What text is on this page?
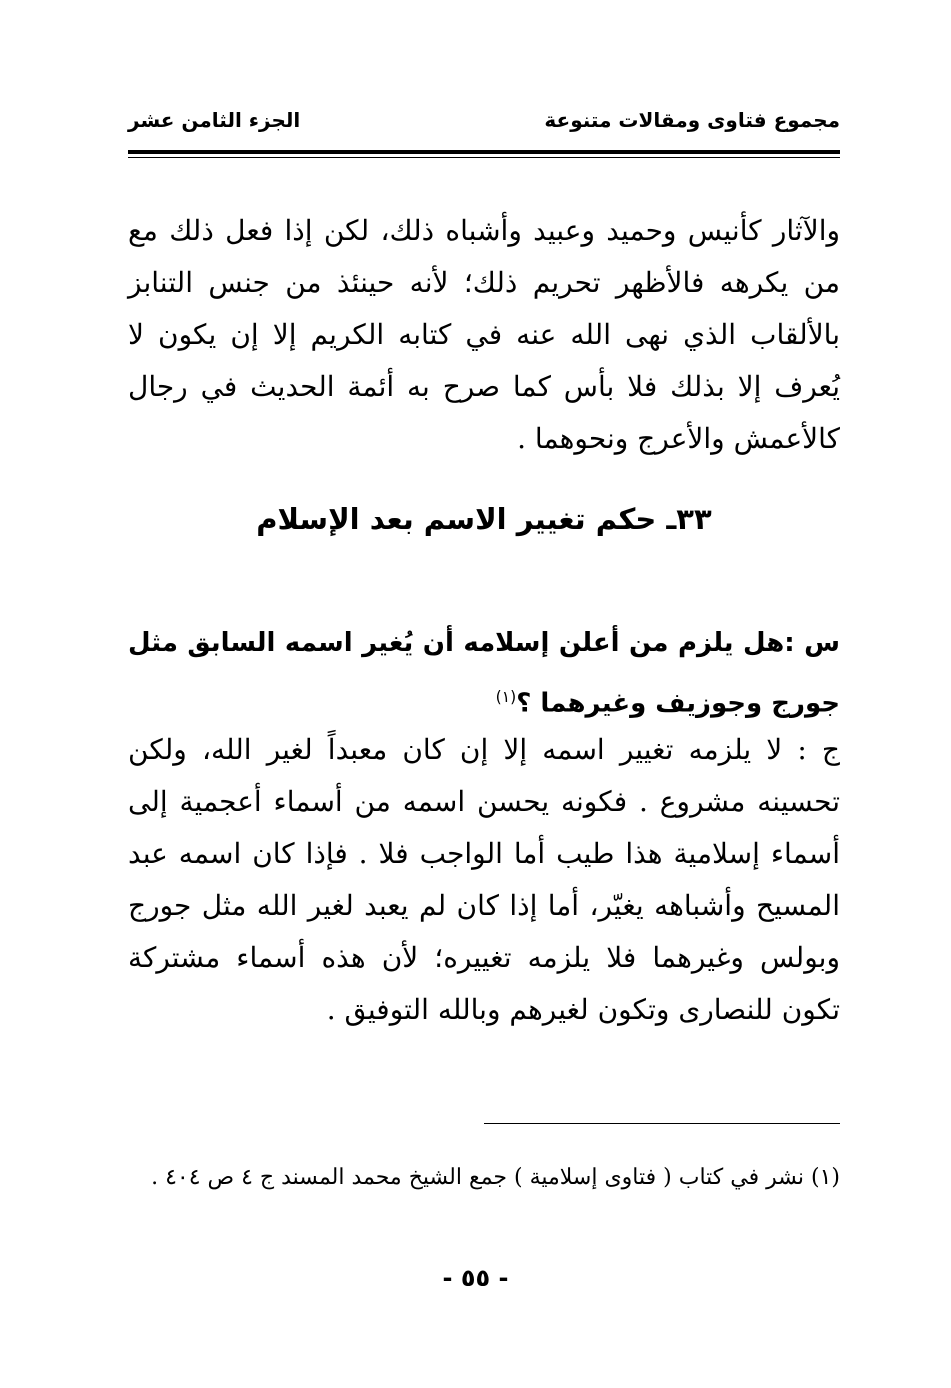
مجموع فتاوى ومقالات متنوعة
الجزء الثامن عشر
والآثار كأنيس وحميد وعبيد وأشباه ذلك، لكن إذا فعل ذلك مع من يكرهه فالأظهر تحريم ذلك؛ لأنه حينئذ من جنس التنابز بالألقاب الذي نهى الله عنه في كتابه الكريم إلا إن يكون لا يُعرف إلا بذلك فلا بأس كما صرح به أئمة الحديث في رجال كالأعمش والأعرج ونحوهما .
٣٣ـ حكم تغيير الاسم بعد الإسلام
س :هل يلزم من أعلن إسلامه أن يُغير اسمه السابق مثل جورج وجوزيف وغيرهما ؟$^{(١)}$
ج : لا يلزمه تغيير اسمه إلا إن كان معبداً لغير الله، ولكن تحسينه مشروع . فكونه يحسن اسمه من أسماء أعجمية إلى أسماء إسلامية هذا طيب أما الواجب فلا . فإذا كان اسمه عبد المسيح وأشباهه يغيّر، أما إذا كان لم يعبد لغير الله مثل جورج وبولس وغيرهما فلا يلزمه تغييره؛ لأن هذه أسماء مشتركة تكون للنصارى وتكون لغيرهم وبالله التوفيق .
(١) نشر في كتاب ( فتاوى إسلامية ) جمع الشيخ محمد المسند ج ٤ ص ٤٠٤ .
- ٥٥ -
